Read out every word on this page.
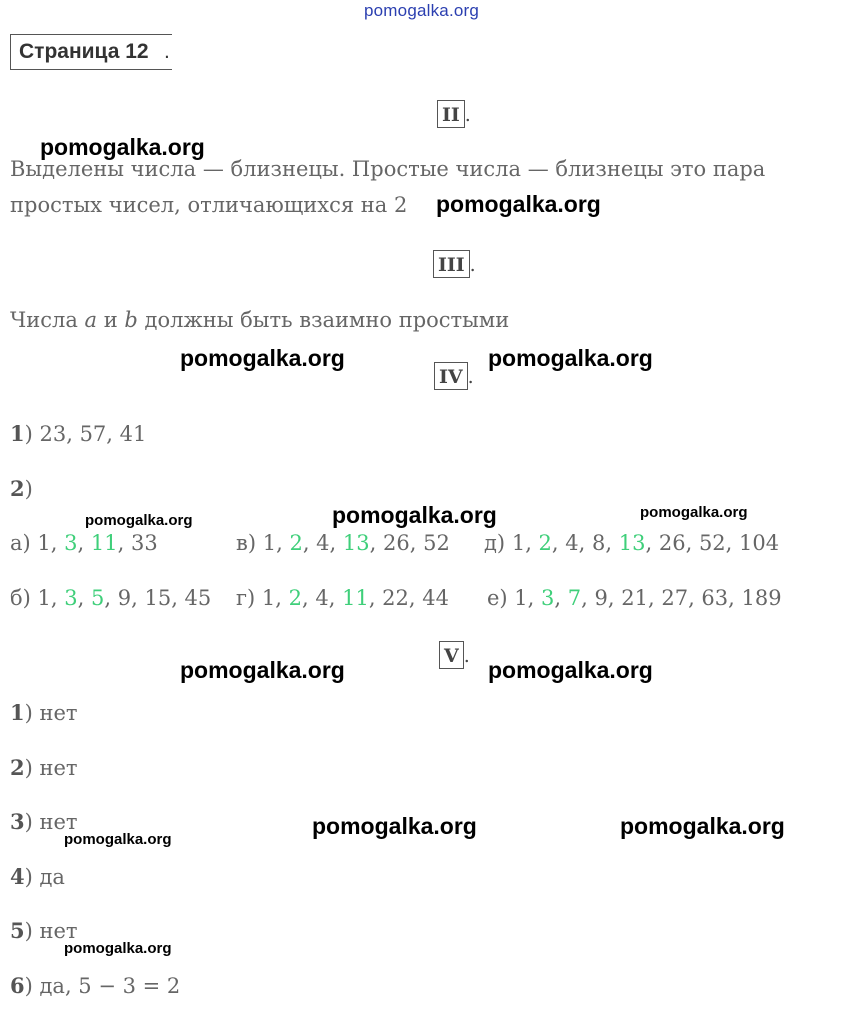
pomogalka.org
Страница 12 .
II .
pomogalka.org
Выделены числа — близнецы. Простые числа — близнецы это пара
простых чисел, отличающихся на 2 pomogalka.org
III .
Числа a и b должны быть взаимно простыми
pomogalka.org
IV .
pomogalka.org
1) 23, 57, 41
2)
pomogalka.org	pomogalka.org	pomogalka.org
а) 1, 3, 11, 33	в) 1, 2, 4, 13, 26, 52 д) 1, 2, 4, 8, 13, 26, 52, 104
б) 1, 3, 5, 9, 15, 45 г) 1, 2, 4, 11, 22, 44 е) 1, 3, 7, 9, 21, 27, 63, 189
pomogalka.org
V .
pomogalka.org
1) нет
2) нет
3) нет
pomogalka.org
pomogalka.org	pomogalka.org
4) да
5) нет
pomogalka.org
6) да, 5 − 3 = 2
